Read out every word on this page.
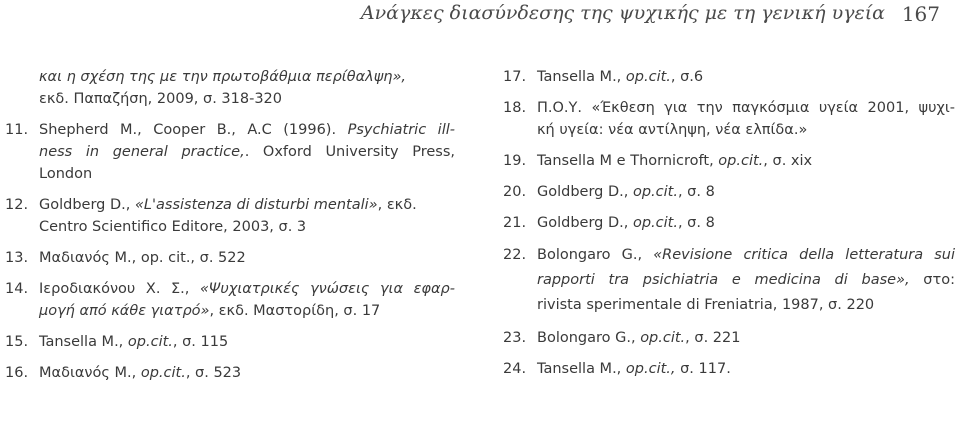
Ανάγκες διασύνδεσης της ψυχικής με τη γενική υγεία 167
και η σχέση της με την πρωτοβάθμια περίθαλψη»,
εκδ. Παπαζήση, 2009, σ. 318-320
11. Shepherd M., Cooper B., A.C (1996). Psychiatric ill-
ness in general practice,. Oxford University Press,
London
12. Goldberg D., «L'assistenza di disturbi mentali», εκδ.
Centro Scientifico Editore, 2003, σ. 3
13. Μαδιανός Μ., op. cit., σ. 522
14. Ιεροδιακόνου Χ. Σ., «Ψυχιατρικές γνώσεις για εφαρ-
μογή από κάθε γιατρό», εκδ. Μαστορίδη, σ. 17
15. Tansella M., op.cit., σ. 115
16. Μαδιανός Μ., op.cit., σ. 523
17. Tansella M., op.cit., σ.6
18. Π.Ο.Υ. «Έκθεση για την παγκόσμια υγεία 2001, ψυχι-
κή υγεία: νέα αντίληψη, νέα ελπίδα.»
19. Tansella M e Thornicroft, op.cit., σ. xix
20. Goldberg D., op.cit., σ. 8
21. Goldberg D., op.cit., σ. 8
22. Bolongaro G., «Revisione critica della letteratura sui
rapporti tra psichiatria e medicina di base», στο:
rivista sperimentale di Freniatria, 1987, σ. 220
23. Bolongaro G., op.cit., σ. 221
24. Tansella M., op.cit., σ. 117.
